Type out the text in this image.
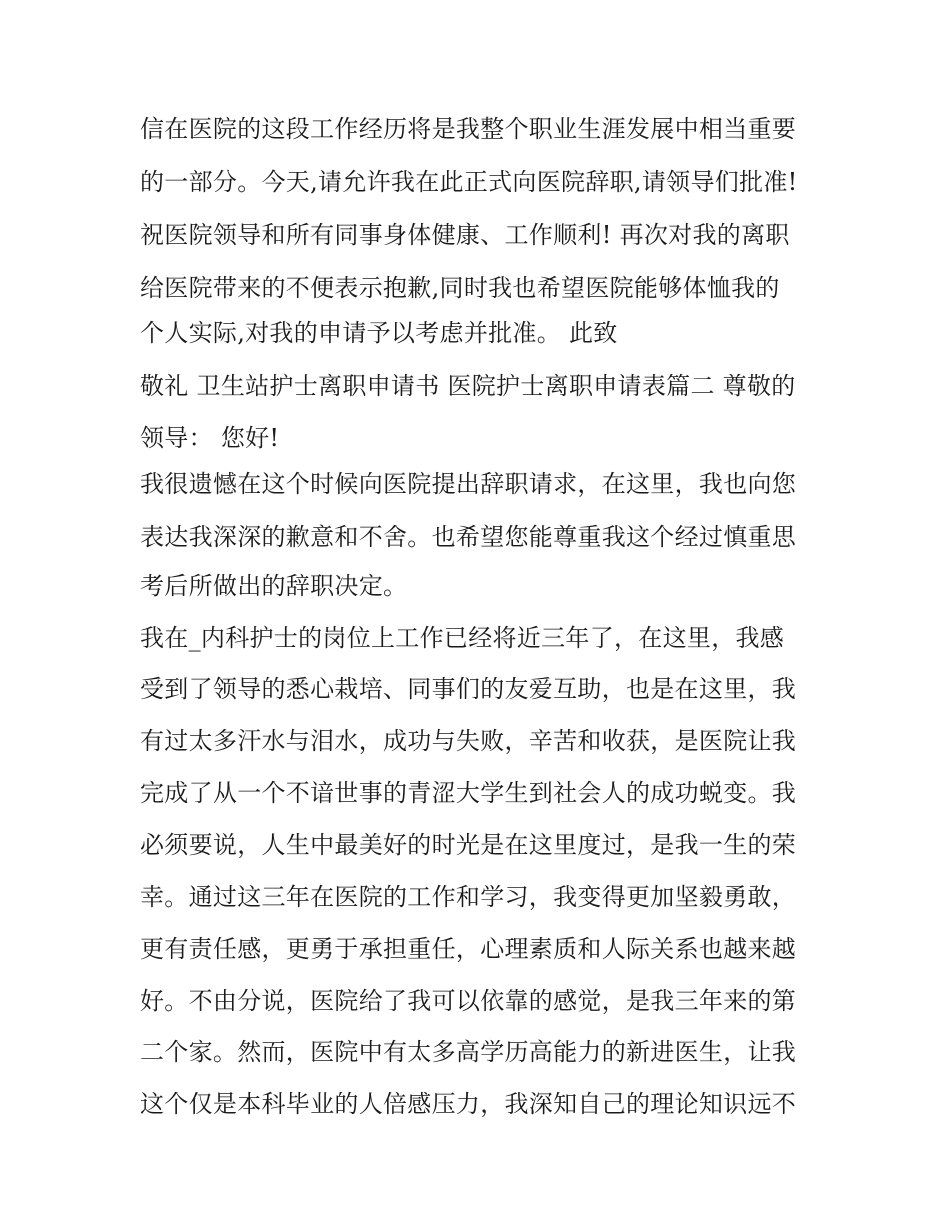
信在医院的这段工作经历将是我整个职业生涯发展中相当重要
的一部分。今天,请允许我在此正式向医院辞职,请领导们批准!
祝医院领导和所有同事身体健康、工作顺利! 再次对我的离职
给医院带来的不便表示抱歉,同时我也希望医院能够体恤我的
个人实际,对我的申请予以考虑并批准。 此致
敬礼 卫生站护士离职申请书 医院护士离职申请表篇二 尊敬的
领导： 您好!
我很遗憾在这个时候向医院提出辞职请求，在这里，我也向您
表达我深深的歉意和不舍。也希望您能尊重我这个经过慎重思
考后所做出的辞职决定。
我在_内科护士的岗位上工作已经将近三年了，在这里，我感
受到了领导的悉心栽培、同事们的友爱互助，也是在这里，我
有过太多汗水与泪水，成功与失败，辛苦和收获，是医院让我
完成了从一个不谙世事的青涩大学生到社会人的成功蜕变。我
必须要说，人生中最美好的时光是在这里度过，是我一生的荣
幸。通过这三年在医院的工作和学习，我变得更加坚毅勇敢，
更有责任感，更勇于承担重任，心理素质和人际关系也越来越
好。不由分说，医院给了我可以依靠的感觉，是我三年来的第
二个家。然而，医院中有太多高学历高能力的新进医生，让我
这个仅是本科毕业的人倍感压力，我深知自己的理论知识远不
